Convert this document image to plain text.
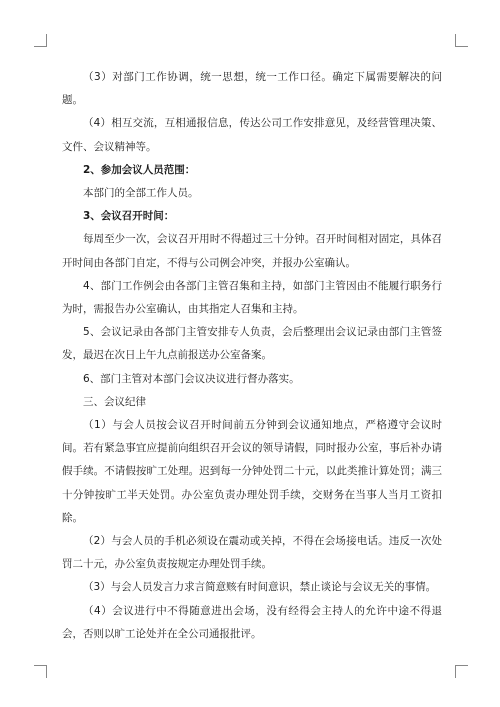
（3）对部门工作协调，统一思想，统一工作口径。确定下属需要解决的问题。

（4）相互交流，互相通报信息，传达公司工作安排意见，及经营管理决策、文件、会议精神等。

2、参加会议人员范围：

本部门的全部工作人员。

3、会议召开时间：

每周至少一次，会议召开用时不得超过三十分钟。召开时间相对固定，具体召开时间由各部门自定，不得与公司例会冲突，并报办公室确认。

4、部门工作例会由各部门主管召集和主持，如部门主管因由不能履行职务行为时，需报告办公室确认，由其指定人召集和主持。

5、会议记录由各部门主管安排专人负责，会后整理出会议记录由部门主管签发，最迟在次日上午九点前报送办公室备案。

6、部门主管对本部门会议决议进行督办落实。

三、会议纪律

（1）与会人员按会议召开时间前五分钟到会议通知地点，严格遵守会议时间。若有紧急事宜应提前向组织召开会议的领导请假，同时报办公室，事后补办请假手续。不请假按旷工处理。迟到每一分钟处罚二十元，以此类推计算处罚；满三十分钟按旷工半天处罚。办公室负责办理处罚手续，交财务在当事人当月工资扣除。

（2）与会人员的手机必须设在震动或关掉，不得在会场接电话。违反一次处罚二十元，办公室负责按规定办理处罚手续。

（3）与会人员发言力求言简意赅有时间意识，禁止谈论与会议无关的事情。

（4）会议进行中不得随意进出会场，没有经得会主持人的允许中途不得退会，否则以旷工论处并在全公司通报批评。
